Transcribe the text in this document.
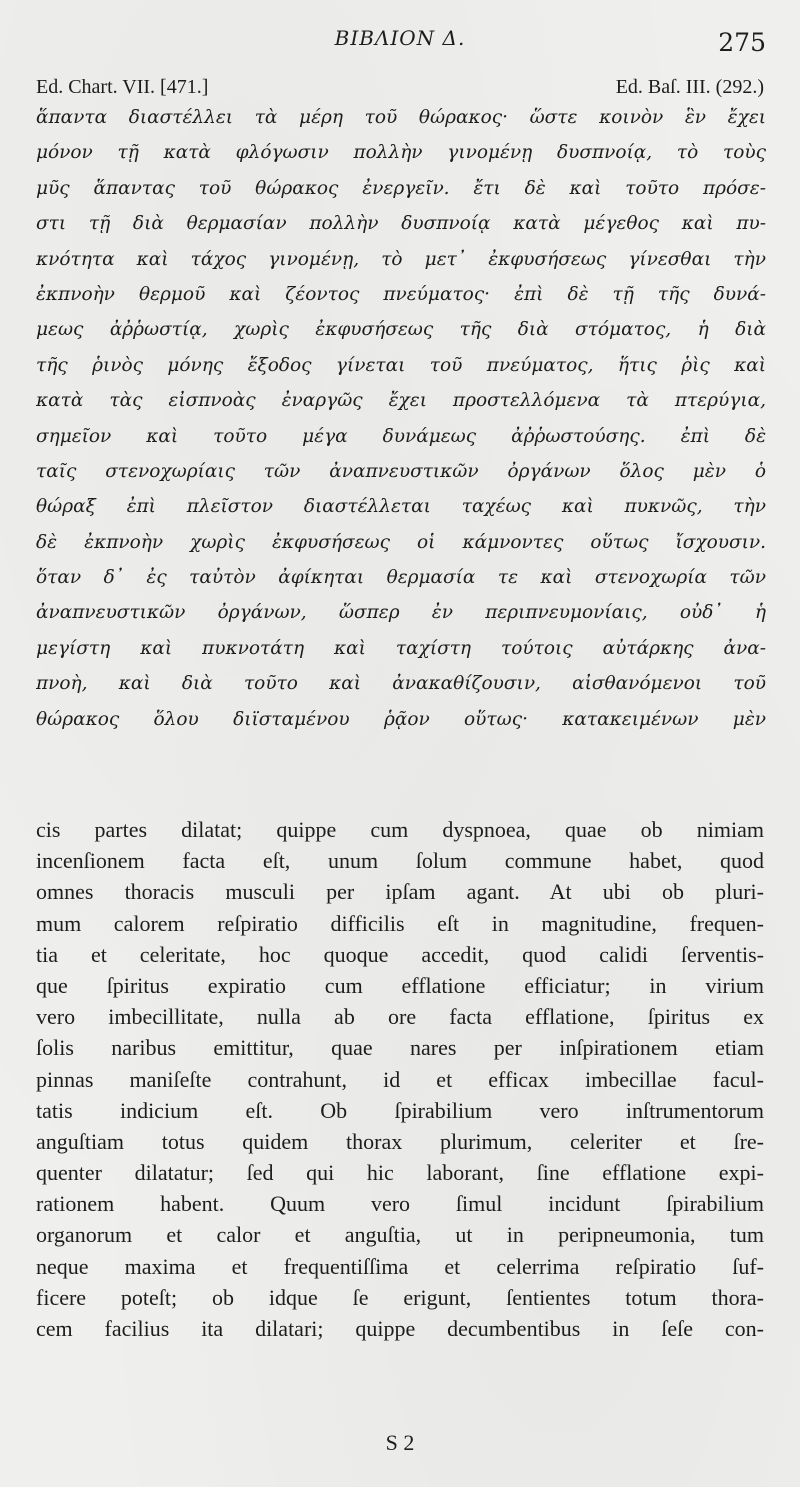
ΒΙΒΛΙΟΝ Δ.	275
Ed. Chart. VII. [471.]	Ed. Baſ. III. (292.)
ἅπαντα διαστέλλει τὰ μέρη τοῦ θώρακος· ὥστε κοινὸν ἓν ἔχει
μόνον τῇ κατὰ φλόγωσιν πολλὴν γινομένῃ δυσπνοίᾳ, τὸ τοὺς
μῦς ἅπαντας τοῦ θώρακος ἐνεργεῖν. ἔτι δὲ καὶ τοῦτο πρόσε-
στι τῇ διὰ θερμασίαν πολλὴν δυσπνοίᾳ κατὰ μέγεθος καὶ πυ-
κνότητα καὶ τάχος γινομένῃ, τὸ μετ᾽ ἐκφυσήσεως γίνεσθαι τὴν
ἐκπνοὴν θερμοῦ καὶ ζέοντος πνεύματος· ἐπὶ δὲ τῇ τῆς δυνά-
μεως ἀῤῥωστίᾳ, χωρὶς ἐκφυσήσεως τῆς διὰ στόματος, ἡ διὰ
τῆς ῥινὸς μόνης ἔξοδος γίνεται τοῦ πνεύματος, ἥτις ῥὶς καὶ
κατὰ τὰς εἰσπνοὰς ἐναργῶς ἔχει προστελλόμενα τὰ πτερύγια,
σημεῖον καὶ τοῦτο μέγα δυνάμεως ἀῤῥωστούσης. ἐπὶ δὲ
ταῖς στενοχωρίαις τῶν ἀναπνευστικῶν ὀργάνων ὅλος μὲν ὁ
θώραξ ἐπὶ πλεῖστον διαστέλλεται ταχέως καὶ πυκνῶς, τὴν
δὲ ἐκπνοὴν χωρὶς ἐκφυσήσεως οἱ κάμνοντες οὕτως ἴσχουσιν.
ὅταν δ᾽ ἐς ταὐτὸν ἀφίκηται θερμασία τε καὶ στενοχωρία τῶν
ἀναπνευστικῶν ὀργάνων, ὥσπερ ἐν περιπνευμονίαις, οὐδ᾽ ἡ
μεγίστη καὶ πυκνοτάτη καὶ ταχίστη τούτοις αὐτάρκης ἀνα-
πνοὴ, καὶ διὰ τοῦτο καὶ ἀνακαθίζουσιν, αἰσθανόμενοι τοῦ
θώρακος ὅλου διϊσταμένου ῥᾷον οὕτως· κατακειμένων μὲν
cis partes dilatat; quippe cum dyspnoea, quae ob nimiam
incenſionem facta eſt, unum ſolum commune habet, quod
omnes thoracis musculi per ipſam agant. At ubi ob pluri-
mum calorem reſpiratio difficilis eſt in magnitudine, frequen-
tia et celeritate, hoc quoque accedit, quod calidi ſerventis-
que ſpiritus expiratio cum efflatione efficiatur; in virium
vero imbecillitate, nulla ab ore facta efflatione, ſpiritus ex
ſolis naribus emittitur, quae nares per inſpirationem etiam
pinnas maniſeſte contrahunt, id et efficax imbecillae facul-
tatis indicium eſt. Ob ſpirabilium vero inſtrumentorum
anguſtiam totus quidem thorax plurimum, celeriter et ſre-
quenter dilatatur; ſed qui hic laborant, ſine efflatione expi-
rationem habent. Quum vero ſimul incidunt ſpirabilium
organorum et calor et anguſtia, ut in peripneumonia, tum
neque maxima et frequentiſſima et celerrima reſpiratio ſuf-
ficere poteſt; ob idque ſe erigunt, ſentientes totum thora-
cem facilius ita dilatari; quippe decumbentibus in ſeſe con-
S 2
